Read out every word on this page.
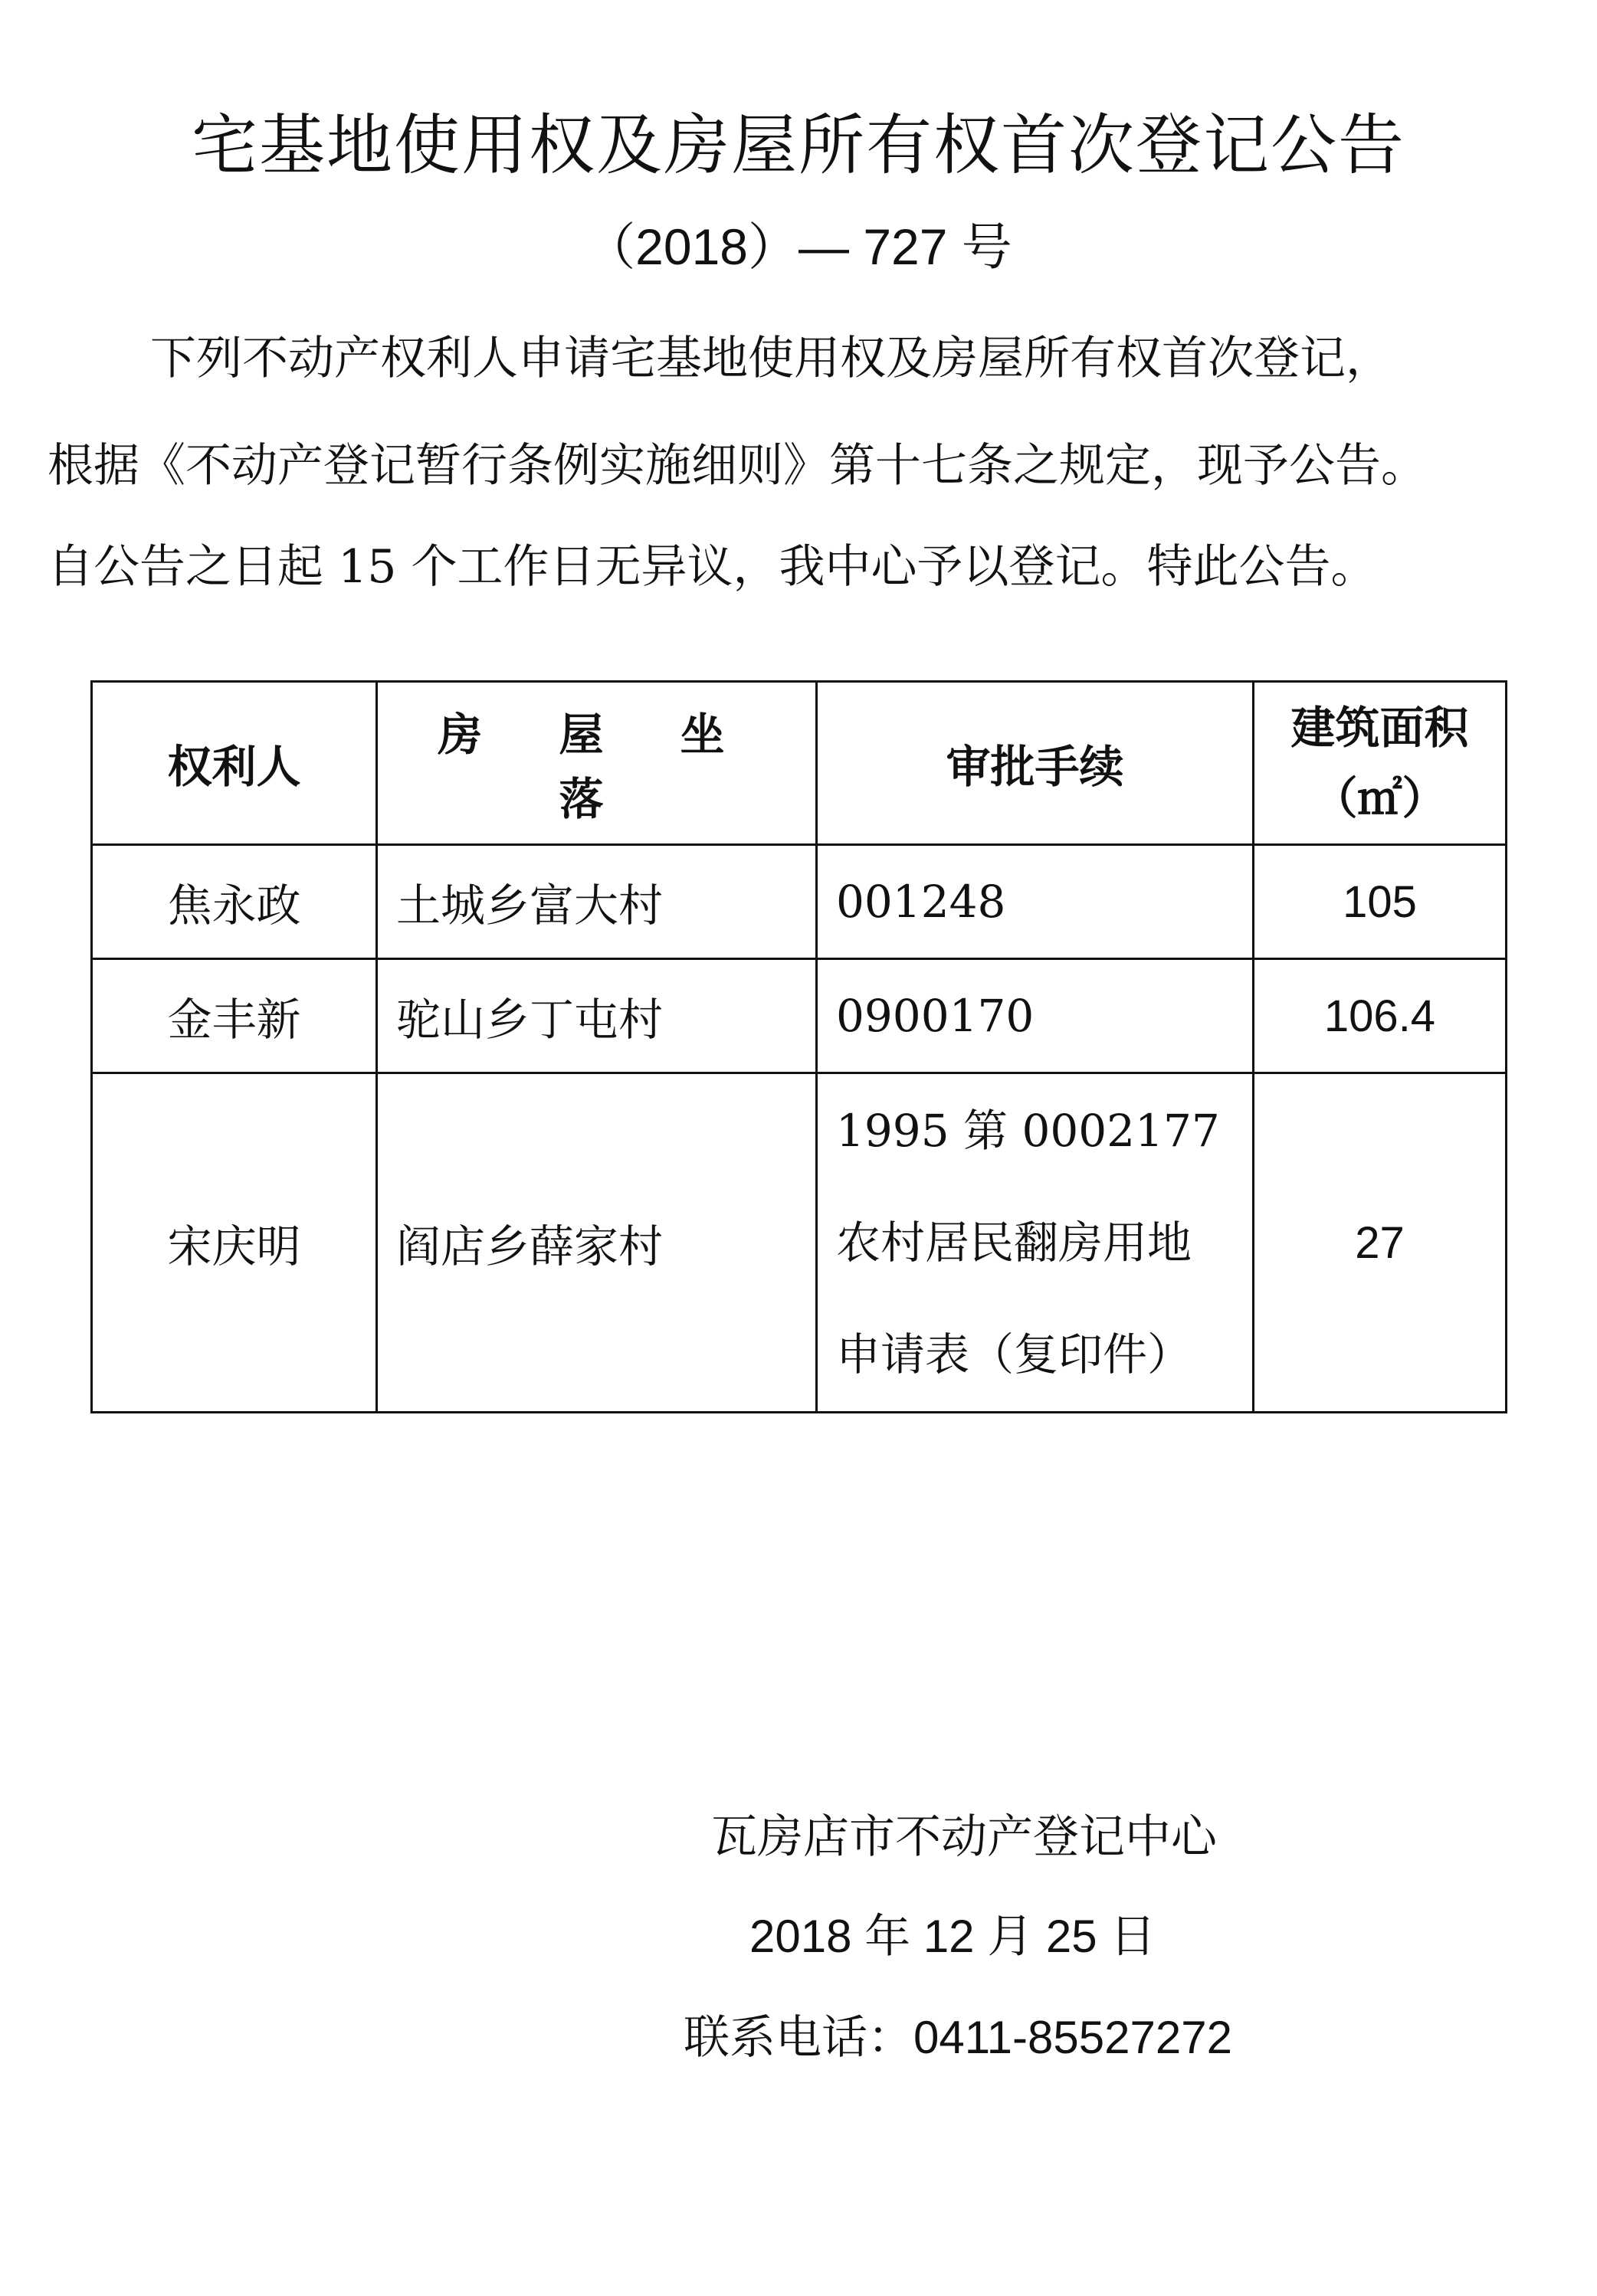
宅基地使用权及房屋所有权首次登记公告
（2018）— 727 号
下列不动产权利人申请宅基地使用权及房屋所有权首次登记，
根据《不动产登记暂行条例实施细则》第十七条之规定，现予公告。
自公告之日起 15 个工作日无异议，我中心予以登记。特此公告。
权利人	房 屋 坐 落	审批手续	建筑面积
（㎡）

焦永政	土城乡富大村	001248	105
金丰新	驼山乡丁屯村	0900170	106.4
宋庆明	阎店乡薛家村	1995 第 0002177 农村居民翻房用地申请表（复印件）	27
瓦房店市不动产登记中心
2018 年 12 月 25 日
联系电话：0411-85527272
